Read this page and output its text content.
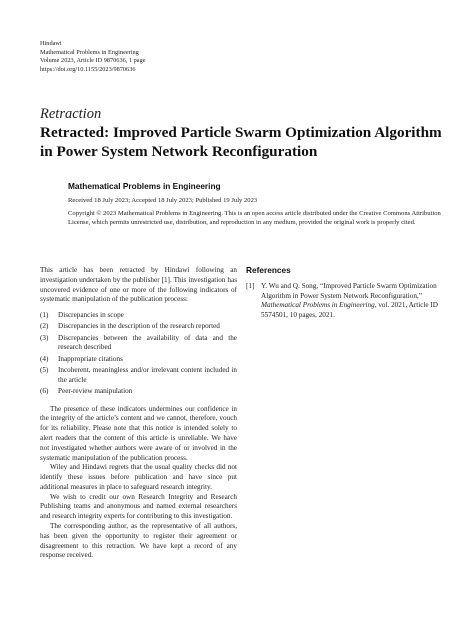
Hindawi
Mathematical Problems in Engineering
Volume 2023, Article ID 9870636, 1 page
https://doi.org/10.1155/2023/9870636
Retraction
Retracted: Improved Particle Swarm Optimization Algorithm in Power System Network Reconfiguration
Mathematical Problems in Engineering
Received 18 July 2023; Accepted 18 July 2023; Published 19 July 2023
Copyright © 2023 Mathematical Problems in Engineering. This is an open access article distributed under the Creative Commons Attribution License, which permits unrestricted use, distribution, and reproduction in any medium, provided the original work is properly cited.

This article has been retracted by Hindawi following an investigation undertaken by the publisher [1]. This investigation has uncovered evidence of one or more of the following indicators of systematic manipulation of the publication process:

(1)	Discrepancies in scope
(2)	Discrepancies in the description of the research reported
(3)	Discrepancies between the availability of data and the research described
(4)	Inappropriate citations
(5)	Incoherent, meaningless and/or irrelevant content included in the article
(6)	Peer-review manipulation

The presence of these indicators undermines our confidence in the integrity of the article’s content and we cannot, therefore, vouch for its reliability. Please note that this notice is intended solely to alert readers that the content of this article is unreliable. We have not investigated whether authors were aware of or involved in the systematic manipulation of the publication process.

Wiley and Hindawi regrets that the usual quality checks did not identify these issues before publication and have since put additional measures in place to safeguard research integrity.

We wish to credit our own Research Integrity and Research Publishing teams and anonymous and named external researchers and research integrity experts for contributing to this investigation.

The corresponding author, as the representative of all authors, has been given the opportunity to register their agreement or disagreement to this retraction. We have kept a record of any response received.

References
[1] Y. Wu and Q. Song, “Improved Particle Swarm Optimization Algorithm in Power System Network Reconfiguration,” Mathematical Problems in Engineering, vol. 2021, Article ID 5574501, 10 pages, 2021.
